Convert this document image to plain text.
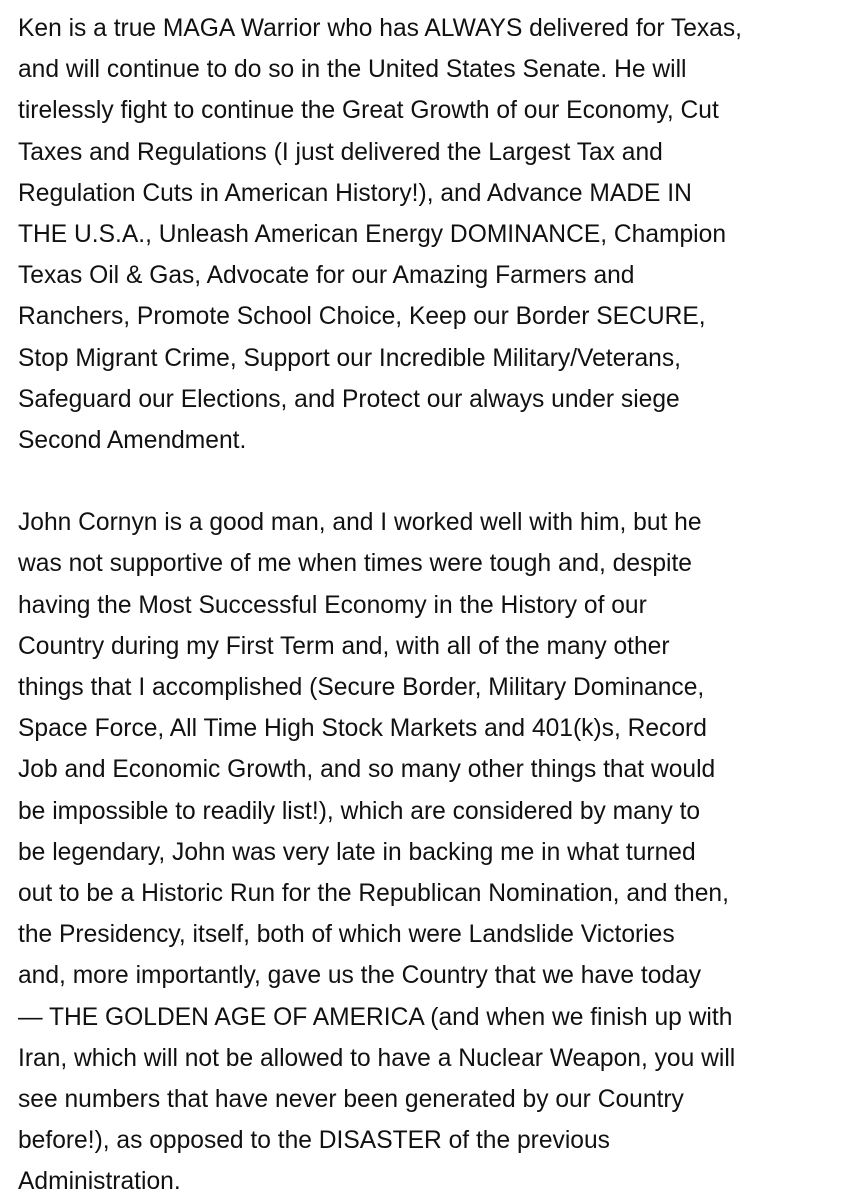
Ken is a true MAGA Warrior who has ALWAYS delivered for Texas,
and will continue to do so in the United States Senate. He will
tirelessly fight to continue the Great Growth of our Economy, Cut
Taxes and Regulations (I just delivered the Largest Tax and
Regulation Cuts in American History!), and Advance MADE IN
THE U.S.A., Unleash American Energy DOMINANCE, Champion
Texas Oil & Gas, Advocate for our Amazing Farmers and
Ranchers, Promote School Choice, Keep our Border SECURE,
Stop Migrant Crime, Support our Incredible Military/Veterans,
Safeguard our Elections, and Protect our always under siege
Second Amendment.

John Cornyn is a good man, and I worked well with him, but he
was not supportive of me when times were tough and, despite
having the Most Successful Economy in the History of our
Country during my First Term and, with all of the many other
things that I accomplished (Secure Border, Military Dominance,
Space Force, All Time High Stock Markets and 401(k)s, Record
Job and Economic Growth, and so many other things that would
be impossible to readily list!), which are considered by many to
be legendary, John was very late in backing me in what turned
out to be a Historic Run for the Republican Nomination, and then,
the Presidency, itself, both of which were Landslide Victories
and, more importantly, gave us the Country that we have today
— THE GOLDEN AGE OF AMERICA (and when we finish up with
Iran, which will not be allowed to have a Nuclear Weapon, you will
see numbers that have never been generated by our Country
before!), as opposed to the DISASTER of the previous
Administration.
